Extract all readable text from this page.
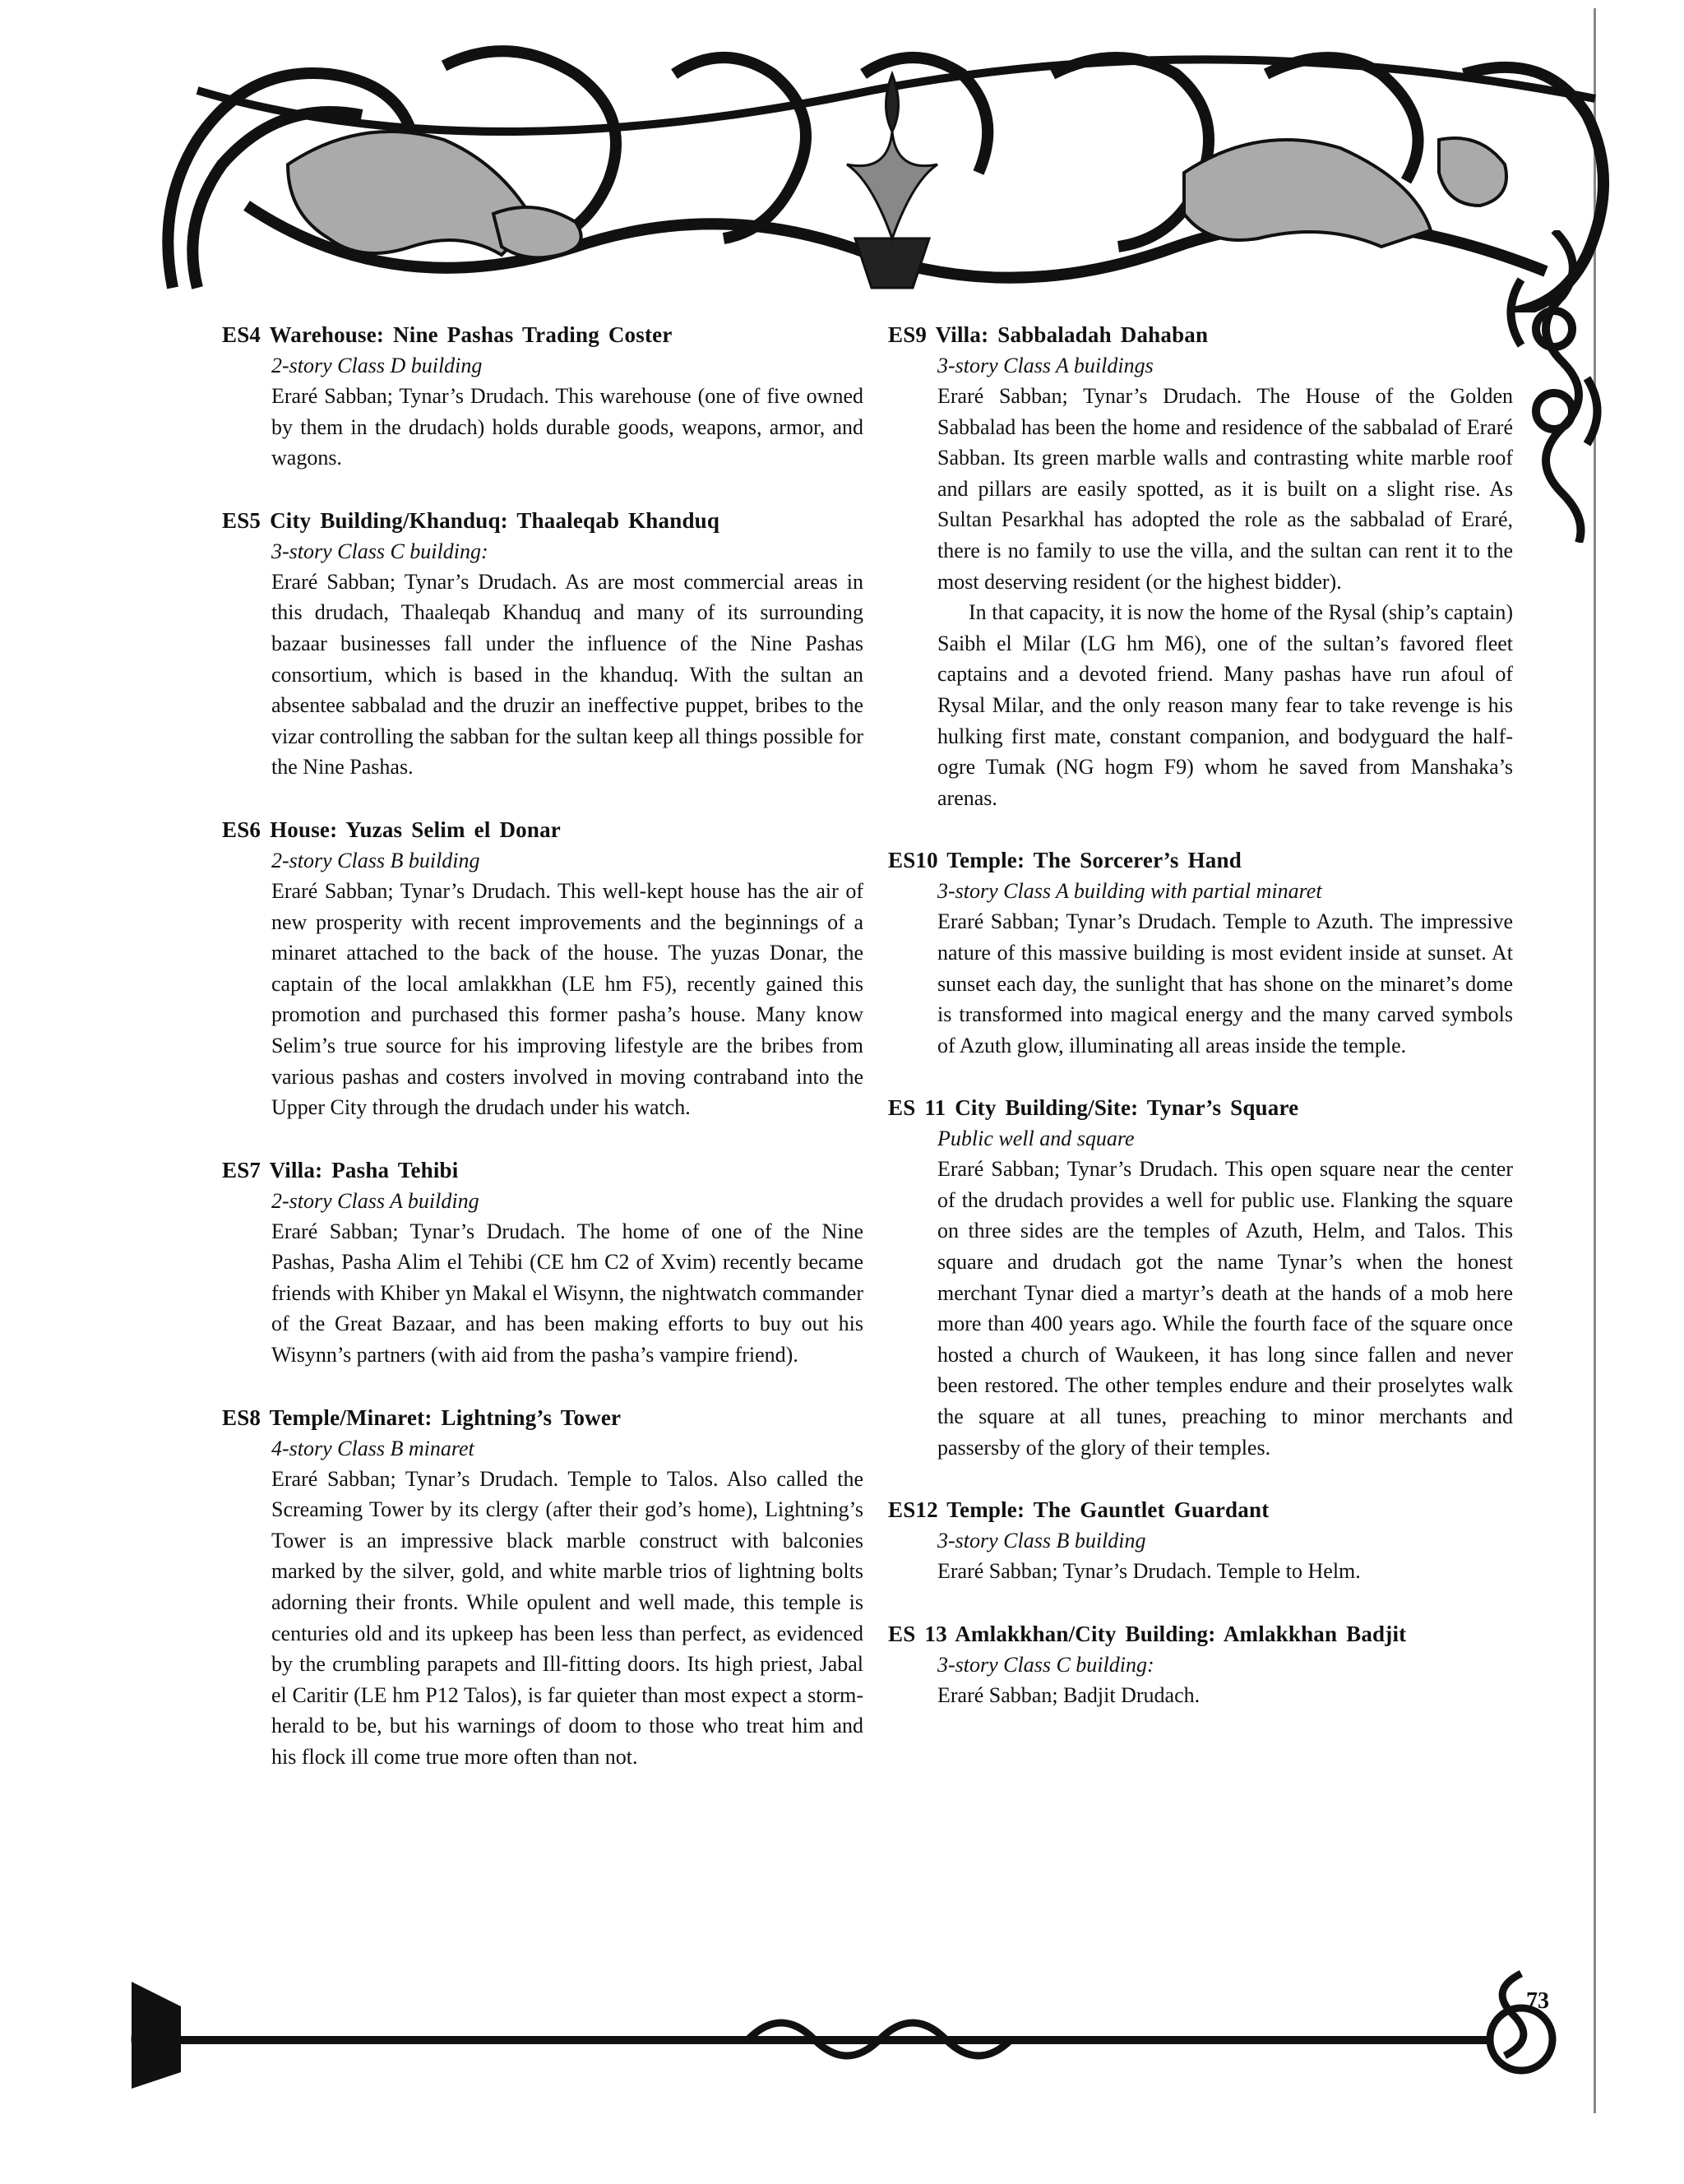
73

ES4 Warehouse: Nine Pashas Trading Coster

2-story Class D building

Eraré Sabban; Tynar’s Drudach. This warehouse (one of five owned by them in the drudach) holds durable goods, weapons, armor, and wagons.

ES5 City Building/Khanduq: Thaaleqab Khanduq

3-story Class C building:

Eraré Sabban; Tynar’s Drudach. As are most commercial areas in this drudach, Thaaleqab Khanduq and many of its surrounding bazaar businesses fall under the influence of the Nine Pashas consortium, which is based in the khanduq. With the sultan an absentee sabbalad and the druzir an ineffective puppet, bribes to the vizar controlling the sabban for the sultan keep all things possible for the Nine Pashas.

ES6 House: Yuzas Selim el Donar

2-story Class B building

Eraré Sabban; Tynar’s Drudach. This well-kept house has the air of new prosperity with recent improvements and the beginnings of a minaret attached to the back of the house. The yuzas Donar, the captain of the local amlakkhan (LE hm F5), recently gained this promotion and purchased this former pasha’s house. Many know Selim’s true source for his improving lifestyle are the bribes from various pashas and costers involved in moving contraband into the Upper City through the drudach under his watch.

ES7 Villa: Pasha Tehibi

2-story Class A building

Eraré Sabban; Tynar’s Drudach. The home of one of the Nine Pashas, Pasha Alim el Tehibi (CE hm C2 of Xvim) recently became friends with Khiber yn Makal el Wisynn, the nightwatch commander of the Great Bazaar, and has been making efforts to buy out his Wisynn’s partners (with aid from the pasha’s vampire friend).

ES8 Temple/Minaret: Lightning’s Tower

4-story Class B minaret

Eraré Sabban; Tynar’s Drudach. Temple to Talos. Also called the Screaming Tower by its clergy (after their god’s home), Lightning’s Tower is an impressive black marble construct with balconies marked by the silver, gold, and white marble trios of lightning bolts adorning their fronts. While opulent and well made, this temple is centuries old and its upkeep has been less than perfect, as evidenced by the crumbling parapets and Ill-fitting doors. Its high priest, Jabal el Caritir (LE hm P12 Talos), is far quieter than most expect a storm-herald to be, but his warnings of doom to those who treat him and his flock ill come true more often than not.

ES9 Villa: Sabbaladah Dahaban

3-story Class A buildings

Eraré Sabban; Tynar’s Drudach. The House of the Golden Sabbalad has been the home and residence of the sabbalad of Eraré Sabban. Its green marble walls and contrasting white marble roof and pillars are easily spotted, as it is built on a slight rise. As Sultan Pesarkhal has adopted the role as the sabbalad of Eraré, there is no family to use the villa, and the sultan can rent it to the most deserving resident (or the highest bidder).

In that capacity, it is now the home of the Rysal (ship’s captain) Saibh el Milar (LG hm M6), one of the sultan’s favored fleet captains and a devoted friend. Many pashas have run afoul of Rysal Milar, and the only reason many fear to take revenge is his hulking first mate, constant companion, and bodyguard the halfogre Tumak (NG hogm F9) whom he saved from Manshaka’s arenas.

ES10 Temple: The Sorcerer’s Hand

3-story Class A building with partial minaret

Eraré Sabban; Tynar’s Drudach. Temple to Azuth. The impressive nature of this massive building is most evident inside at sunset. At sunset each day, the sunlight that has shone on the minaret’s dome is transformed into magical energy and the many carved symbols of Azuth glow, illuminating all areas inside the temple.

ES 11 City Building/Site: Tynar’s Square

Public well and square

Eraré Sabban; Tynar’s Drudach. This open square near the center of the drudach provides a well for public use. Flanking the square on three sides are the temples of Azuth, Helm, and Talos. This square and drudach got the name Tynar’s when the honest merchant Tynar died a martyr’s death at the hands of a mob here more than 400 years ago. While the fourth face of the square once hosted a church of Waukeen, it has long since fallen and never been restored. The other temples endure and their proselytes walk the square at all tunes, preaching to minor merchants and passersby of the glory of their temples.

ES12 Temple: The Gauntlet Guardant

3-story Class B building

Eraré Sabban; Tynar’s Drudach. Temple to Helm.

ES 13 Amlakkhan/City Building: Amlakkhan Badjit

3-story Class C building:

Eraré Sabban; Badjit Drudach.
